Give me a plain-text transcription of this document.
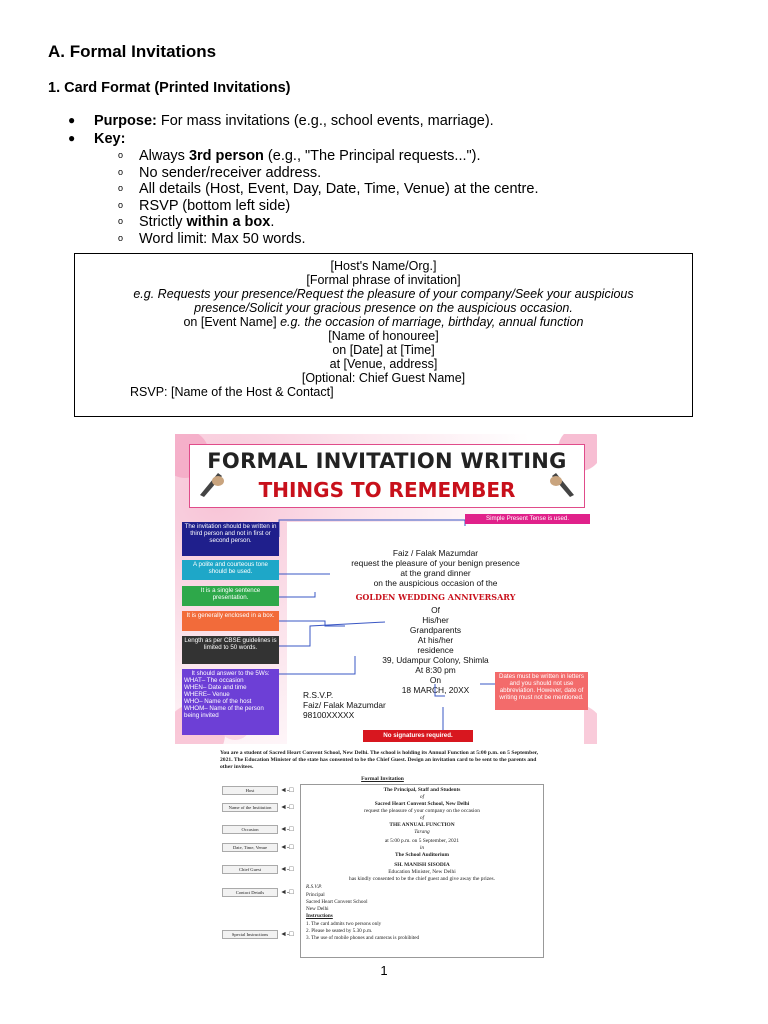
A. Formal Invitations
1. Card Format (Printed Invitations)
● Purpose: For mass invitations (e.g., school events, marriage).
● Key:
o Always 3rd person (e.g., "The Principal requests...").
o No sender/receiver address.
o All details (Host, Event, Day, Date, Time, Venue) at the centre.
o RSVP (bottom left side)
o Strictly within a box.
o Word limit: Max 50 words.
[Host's Name/Org.]
[Formal phrase of invitation]
e.g. Requests your presence/Request the pleasure of your company/Seek your auspicious
presence/Solicit your gracious presence on the auspicious occasion.
on [Event Name] e.g. the occasion of marriage, birthday, annual function
[Name of honouree]
on [Date] at [Time]
at [Venue, address]
[Optional: Chief Guest Name]
RSVP: [Name of the Host & Contact]
FORMAL INVITATION WRITING
THINGS TO REMEMBER
Faiz / Falak Mazumdar
request the pleasure of your benign presence
at the grand dinner
on the auspicious occasion of the
GOLDEN WEDDING ANNIVERSARY
Of
His/her
Grandparents
At his/her
residence
39, Udampur Colony, Shimla
At 8:30 pm
On
18 MARCH, 20XX
R.S.V.P.
Faiz/ Falak Mazumdar
98100XXXXX
The invitation should be written in third person and not in first or second person.
A polite and courteous tone should be used.
It is a single sentence presentation.
It is generally enclosed in a box.
Length as per CBSE guidelines is limited to 50 words.
It should answer to the 5Ws:
WHAT– The occasion
WHEN– Date and time
WHERE– Venue
WHO– Name of the host
WHOM– Name of the person being invited
Simple Present Tense is used.
Dates must be written in letters and you should not use abbreviation. However, date of writing must not be mentioned.
No signatures required.
You are a student of Sacred Heart Convent School, New Delhi. The school is holding its Annual Function at 5:00 p.m. on 5 September, 2021. The Education Minister of the state has consented to be the Chief Guest. Design an invitation card to be sent to the parents and other invitees.
Formal Invitation
The Principal, Staff and Students
of
Sacred Heart Convent School, New Delhi
request the pleasure of your company on the occasion
of
THE ANNUAL FUNCTION
Tarang
at 5:00 p.m. on 5 September, 2021
in
The School Auditorium
SH. MANISH SISODIA
Education Minister, New Delhi
has kindly consented to be the chief guest and give away the prizes.
R.S.V.P.
Principal
Sacred Heart Convent School
New Delhi
Instructions
1. The card admits two persons only
2. Please be seated by 5.30 p.m.
3. The use of mobile phones and cameras is prohibited
Host	◄-□
Name of the Institution	◄-□
Occasion	◄-□
Date, Time, Venue	◄-□
Chief Guest	◄-□
Contact Details	◄-□
Special Instructions	◄-□
1
